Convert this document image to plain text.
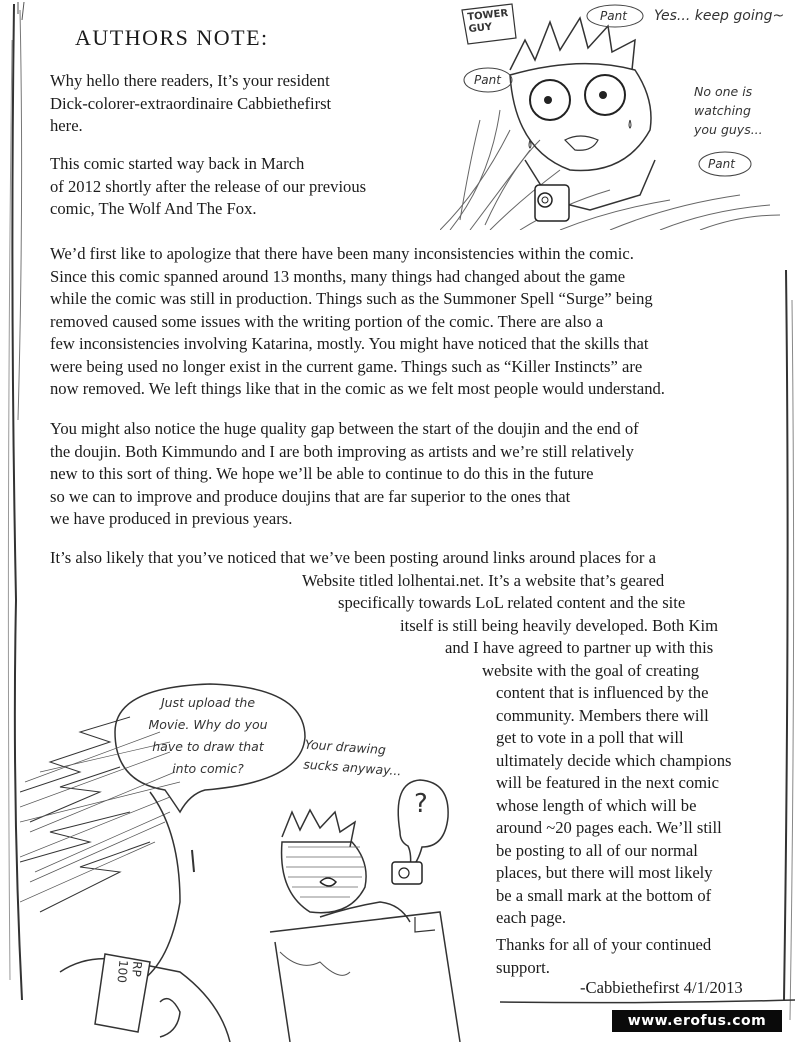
AUTHORS NOTE:
Why hello there readers, It’s your resident
Dick-colorer-extraordinaire Cabbiethefirst
here.
This comic started way back in March
of 2012 shortly after the release of our previous
comic, The Wolf And The Fox.
We’d first like to apologize that there have been many inconsistencies within the comic.
Since this comic spanned around 13 months, many things had changed about the game
while the comic was still in production. Things such as the Summoner Spell “Surge” being
removed caused some issues with the writing portion of the comic. There are also a
few inconsistencies involving Katarina, mostly. You might have noticed that the skills that
were being used no longer exist in the current game. Things such as “Killer Instincts” are
now removed. We left things like that in the comic as we felt most people would understand.
You might also notice the huge quality gap between the start of the doujin and the end of
the doujin. Both Kimmundo and I are both improving as artists and we’re still relatively
new to this sort of thing. We hope we’ll be able to continue to do this in the future
so we can to improve and produce doujins that are far superior to the ones that
we have produced in previous years.
It’s also likely that you’ve noticed that we’ve been posting around links around places for a
Website titled lolhentai.net. It’s a website that’s geared
specifically towards LoL related content and the site
itself is still being heavily developed. Both Kim
and I have agreed to partner up with this
website with the goal of creating
content that is influenced by the
community. Members there will
get to vote in a poll that will
ultimately decide which champions
will be featured in the next comic
whose length of which will be
around ~20 pages each. We’ll still
be posting to all of our normal
places, but there will most likely
be a small mark at the bottom of
each page.
Thanks for all of your continued
support.
-Cabbiethefirst 4/1/2013
TOWER
GUY
Pant
Pant
Pant
Yes... keep going~
No one is
watching
you guys...
Just upload the
Movie. Why do you
have to draw that
into comic?
Your drawing
sucks anyway...
?
RP
100
www.erofus.com
